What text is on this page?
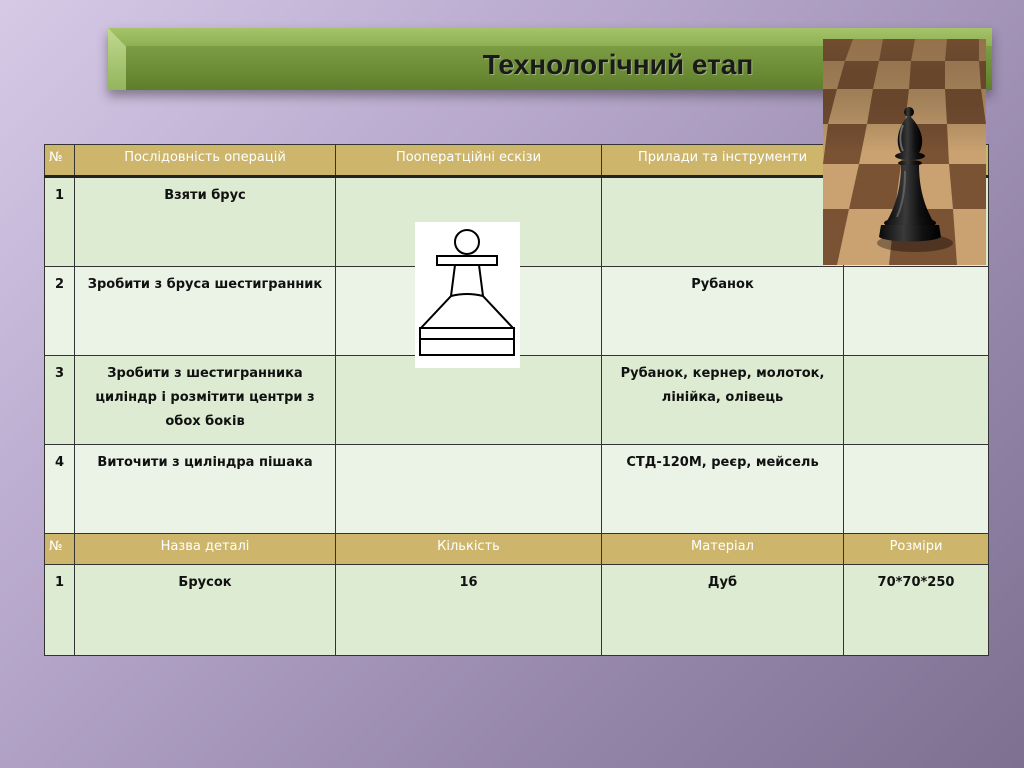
Технологічний етап
№	Послідовність операцій	Пооператційні ескізи	Прилади та інструменти	
1	Взяти брус			
2	Зробити з бруса шестигранник		Рубанок	
3	Зробити з шестигранника циліндр і розмітити центри з обох боків		Рубанок, кернер, молоток, лінійка, олівець	
4	Виточити з циліндра пішака		СТД-120М, реєр, мейсель	
№	Назва деталі	Кількість	Матеріал	Розміри
1	Брусок	16	Дуб	70*70*250
